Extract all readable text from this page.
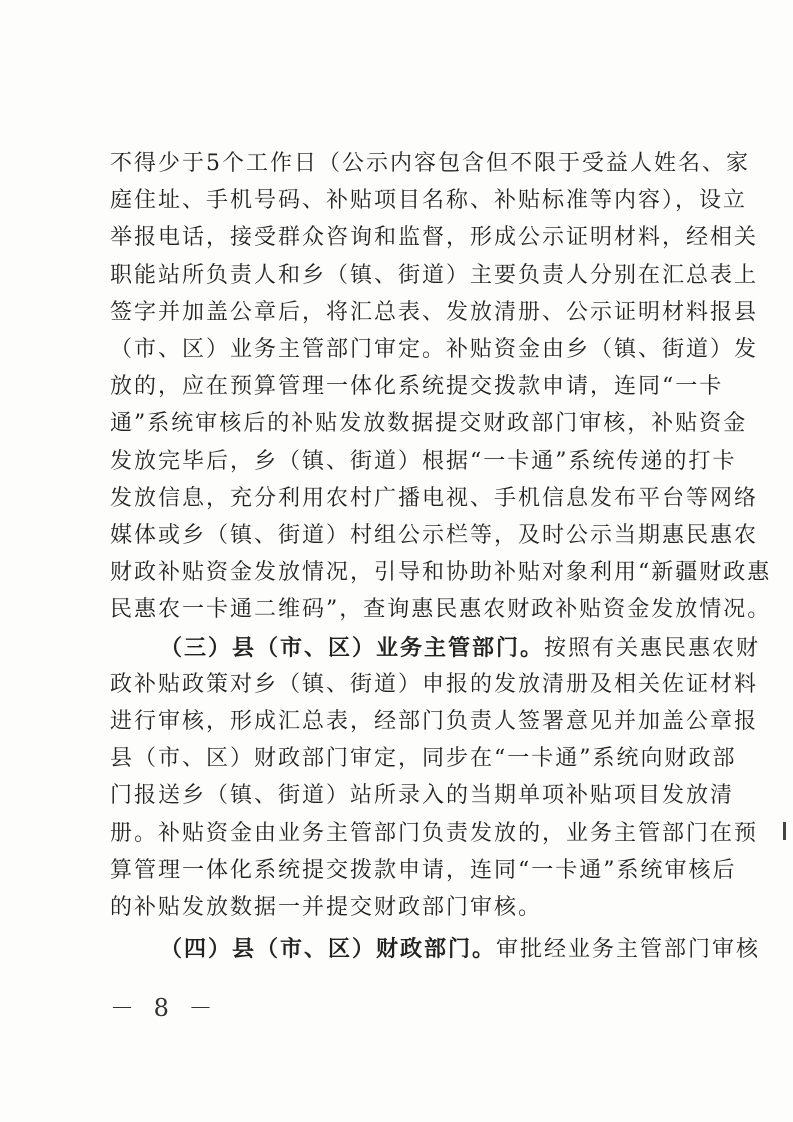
不得少于5个工作日（公示内容包含但不限于受益人姓名、家
庭住址、手机号码、补贴项目名称、补贴标准等内容），设立
举报电话，接受群众咨询和监督，形成公示证明材料，经相关
职能站所负责人和乡（镇、街道）主要负责人分别在汇总表上
签字并加盖公章后，将汇总表、发放清册、公示证明材料报县
（市、区）业务主管部门审定。补贴资金由乡（镇、街道）发
放的，应在预算管理一体化系统提交拨款申请，连同“一卡
通”系统审核后的补贴发放数据提交财政部门审核，补贴资金
发放完毕后，乡（镇、街道）根据“一卡通”系统传递的打卡
发放信息，充分利用农村广播电视、手机信息发布平台等网络
媒体或乡（镇、街道）村组公示栏等，及时公示当期惠民惠农
财政补贴资金发放情况，引导和协助补贴对象利用“新疆财政惠
民惠农一卡通二维码”，查询惠民惠农财政补贴资金发放情况。
（三）县（市、区）业务主管部门。按照有关惠民惠农财
政补贴政策对乡（镇、街道）申报的发放清册及相关佐证材料
进行审核，形成汇总表，经部门负责人签署意见并加盖公章报
县（市、区）财政部门审定，同步在“一卡通”系统向财政部
门报送乡（镇、街道）站所录入的当期单项补贴项目发放清
册。补贴资金由业务主管部门负责发放的，业务主管部门在预
算管理一体化系统提交拨款申请，连同“一卡通”系统审核后
的补贴发放数据一并提交财政部门审核。
（四）县（市、区）财政部门。审批经业务主管部门审核
－ 8 －
